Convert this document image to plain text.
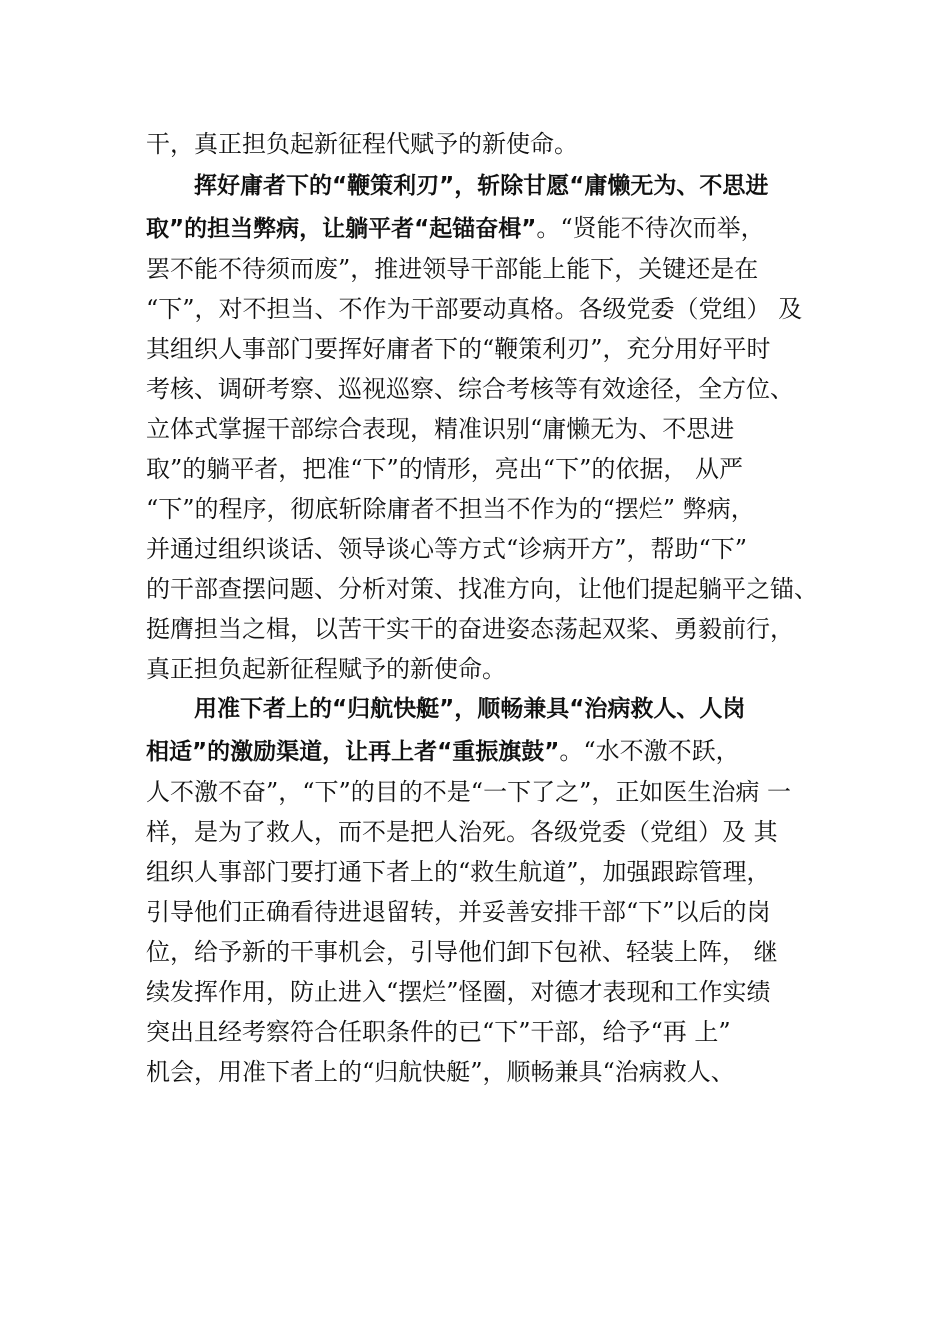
干，真正担负起新征程代赋予的新使命。
挥好庸者下的“鞭策利刃”，斩除甘愿“庸懒无为、不思进
取”的担当弊病，让躺平者“起锚奋楫”。“贤能不待次而举，
罢不能不待须而废”，推进领导干部能上能下，关键还是在
“下”，对不担当、不作为干部要动真格。各级党委（党组） 及
其组织人事部门要挥好庸者下的“鞭策利刃”，充分用好平时
考核、调研考察、巡视巡察、综合考核等有效途径，全方位、
立体式掌握干部综合表现，精准识别“庸懒无为、不思进
取”的躺平者，把准“下”的情形，亮出“下”的依据， 从严
“下”的程序，彻底斩除庸者不担当不作为的“摆烂” 弊病，
并通过组织谈话、领导谈心等方式“诊病开方”，帮助“下”
的干部查摆问题、分析对策、找准方向，让他们提起躺平之锚、
挺膺担当之楫，以苦干实干的奋进姿态荡起双桨、勇毅前行，
真正担负起新征程赋予的新使命。
用准下者上的“归航快艇”，顺畅兼具“治病救人、人岗
相适”的激励渠道，让再上者“重振旗鼓”。“水不激不跃，
人不激不奋”，“下”的目的不是“一下了之”，正如医生治病 一
样，是为了救人，而不是把人治死。各级党委（党组）及 其
组织人事部门要打通下者上的“救生航道”，加强跟踪管理，
引导他们正确看待进退留转，并妥善安排干部“下”以后的岗
位，给予新的干事机会，引导他们卸下包袱、轻装上阵， 继
续发挥作用，防止进入“摆烂”怪圈，对德才表现和工作实绩
突出且经考察符合任职条件的已“下”干部，给予“再 上”
机会，用准下者上的“归航快艇”，顺畅兼具“治病救人、
